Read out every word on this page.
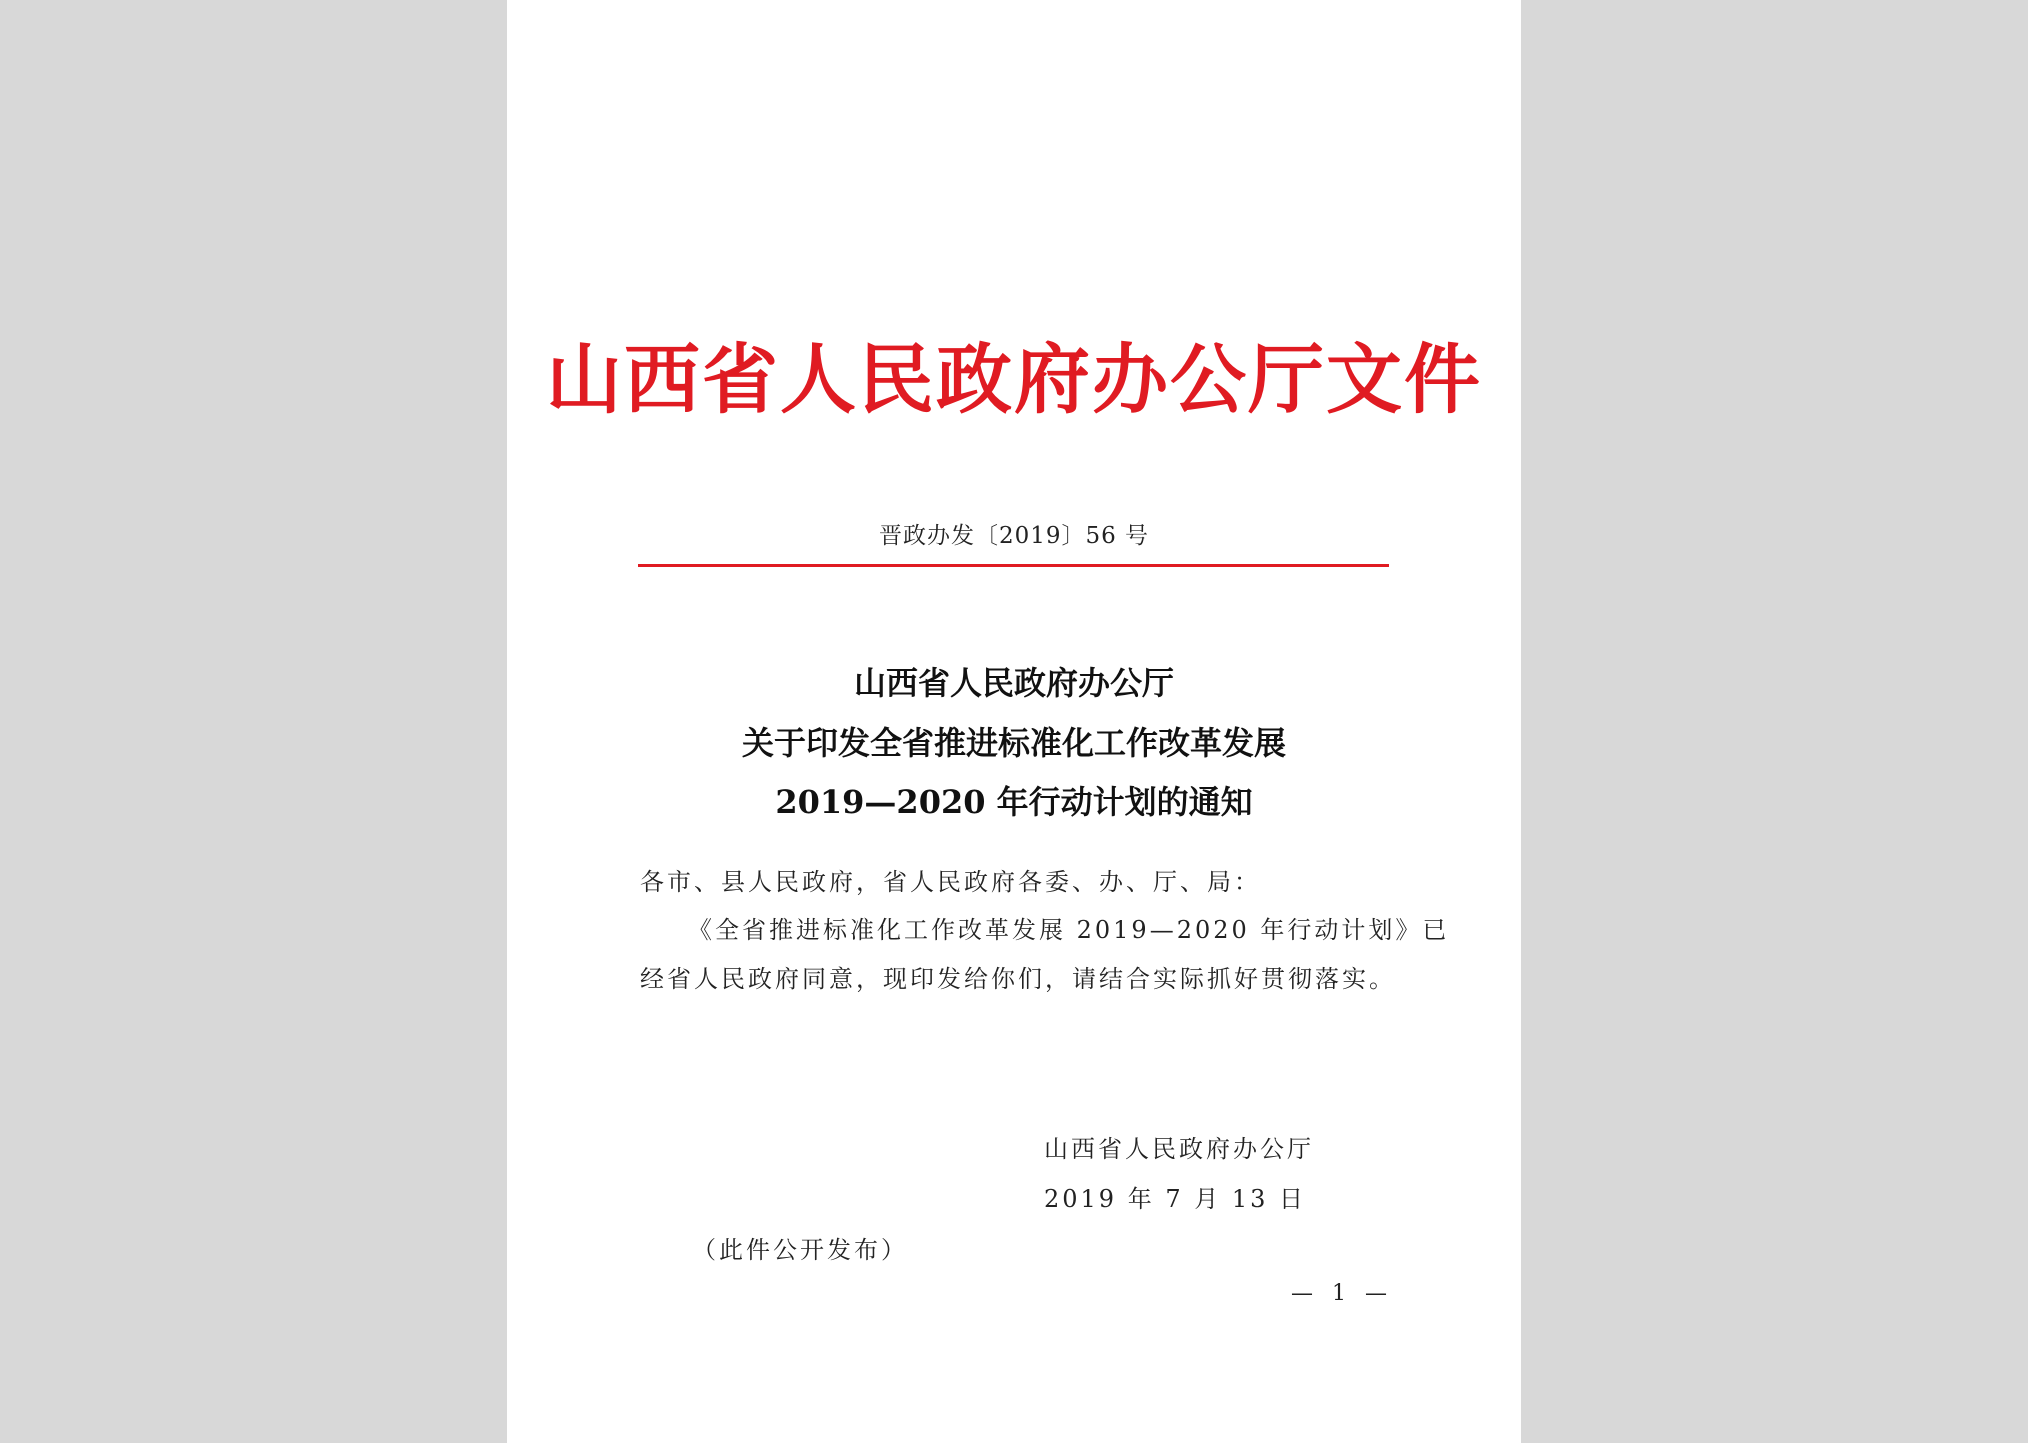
山西省人民政府办公厅文件
晋政办发〔2019〕56 号
山西省人民政府办公厅
关于印发全省推进标准化工作改革发展
2019—2020 年行动计划的通知
各市、县人民政府，省人民政府各委、办、厅、局：
《全省推进标准化工作改革发展 2019—2020 年行动计划》已
经省人民政府同意，现印发给你们，请结合实际抓好贯彻落实。
山西省人民政府办公厅
2019 年 7 月 13 日
（此件公开发布）
— 1 —
